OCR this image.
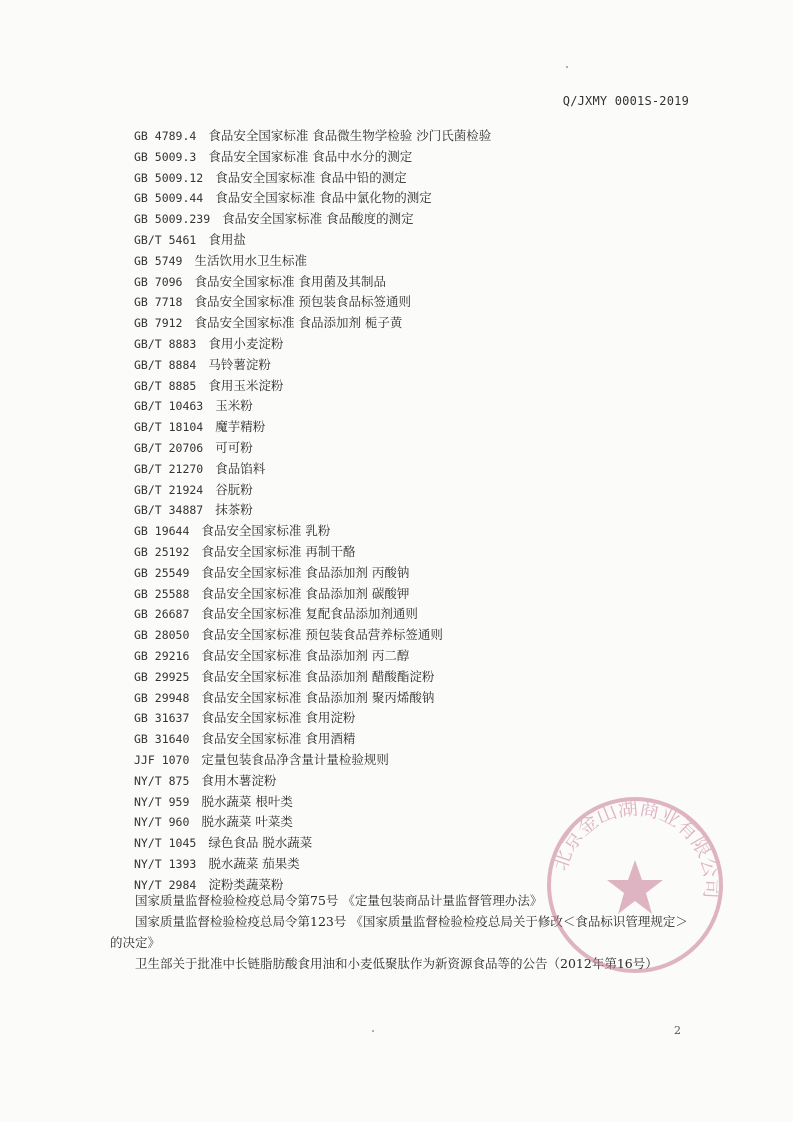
Q/JXMY 0001S-2019
GB 4789.4 食品安全国家标准 食品微生物学检验 沙门氏菌检验
GB 5009.3 食品安全国家标准 食品中水分的测定
GB 5009.12 食品安全国家标准 食品中铅的测定
GB 5009.44 食品安全国家标准 食品中氯化物的测定
GB 5009.239 食品安全国家标准 食品酸度的测定
GB/T 5461 食用盐
GB 5749 生活饮用水卫生标准
GB 7096 食品安全国家标准 食用菌及其制品
GB 7718 食品安全国家标准 预包装食品标签通则
GB 7912 食品安全国家标准 食品添加剂 栀子黄
GB/T 8883 食用小麦淀粉
GB/T 8884 马铃薯淀粉
GB/T 8885 食用玉米淀粉
GB/T 10463 玉米粉
GB/T 18104 魔芋精粉
GB/T 20706 可可粉
GB/T 21270 食品馅料
GB/T 21924 谷朊粉
GB/T 34887 抹茶粉
GB 19644 食品安全国家标准 乳粉
GB 25192 食品安全国家标准 再制干酪
GB 25549 食品安全国家标准 食品添加剂 丙酸钠
GB 25588 食品安全国家标准 食品添加剂 碳酸钾
GB 26687 食品安全国家标准 复配食品添加剂通则
GB 28050 食品安全国家标准 预包装食品营养标签通则
GB 29216 食品安全国家标准 食品添加剂 丙二醇
GB 29925 食品安全国家标准 食品添加剂 醋酸酯淀粉
GB 29948 食品安全国家标准 食品添加剂 聚丙烯酸钠
GB 31637 食品安全国家标准 食用淀粉
GB 31640 食品安全国家标准 食用酒精
JJF 1070 定量包装食品净含量计量检验规则
NY/T 875 食用木薯淀粉
NY/T 959 脱水蔬菜 根叶类
NY/T 960 脱水蔬菜 叶菜类
NY/T 1045 绿色食品 脱水蔬菜
NY/T 1393 脱水蔬菜 茄果类
NY/T 2984 淀粉类蔬菜粉

国家质量监督检验检疫总局令第75号 《定量包装商品计量监督管理办法》

国家质量监督检验检疫总局令第123号 《国家质量监督检验检疫总局关于修改＜食品标识管理规定＞的决定》

卫生部关于批准中长链脂肪酸食用油和小麦低聚肽作为新资源食品等的公告（2012年第16号）

北京金山湖商业有限公司
2
